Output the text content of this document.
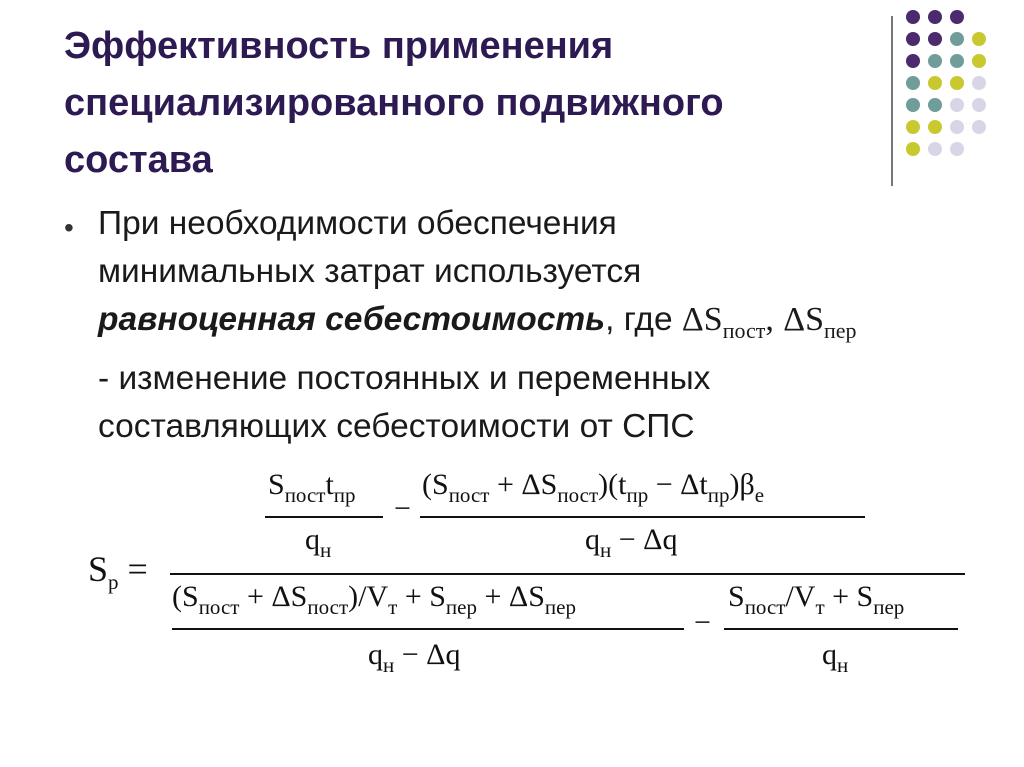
Эффективность применения
специализированного подвижного
состава
• При необходимости обеспечения
минимальных затрат используется
равноценная себестоимость, где $\Delta S_{пост}$, $\Delta S_{пер}$
- изменение постоянных и переменных
составляющих себестоимости от СПС
$S_р$ =
$S_{пост}t_{пр}$
$q_н$
−
$(S_{пост} + \Delta S_{пост})(t_{пр} - \Delta t_{пр})\beta_е$
$q_н - \Delta q$
$(S_{пост} + \Delta S_{пост})/V_т + S_{пер} + \Delta S_{пер}$
$q_н - \Delta q$
−
$S_{пост}/V_т + S_{пер}$
$q_н$
